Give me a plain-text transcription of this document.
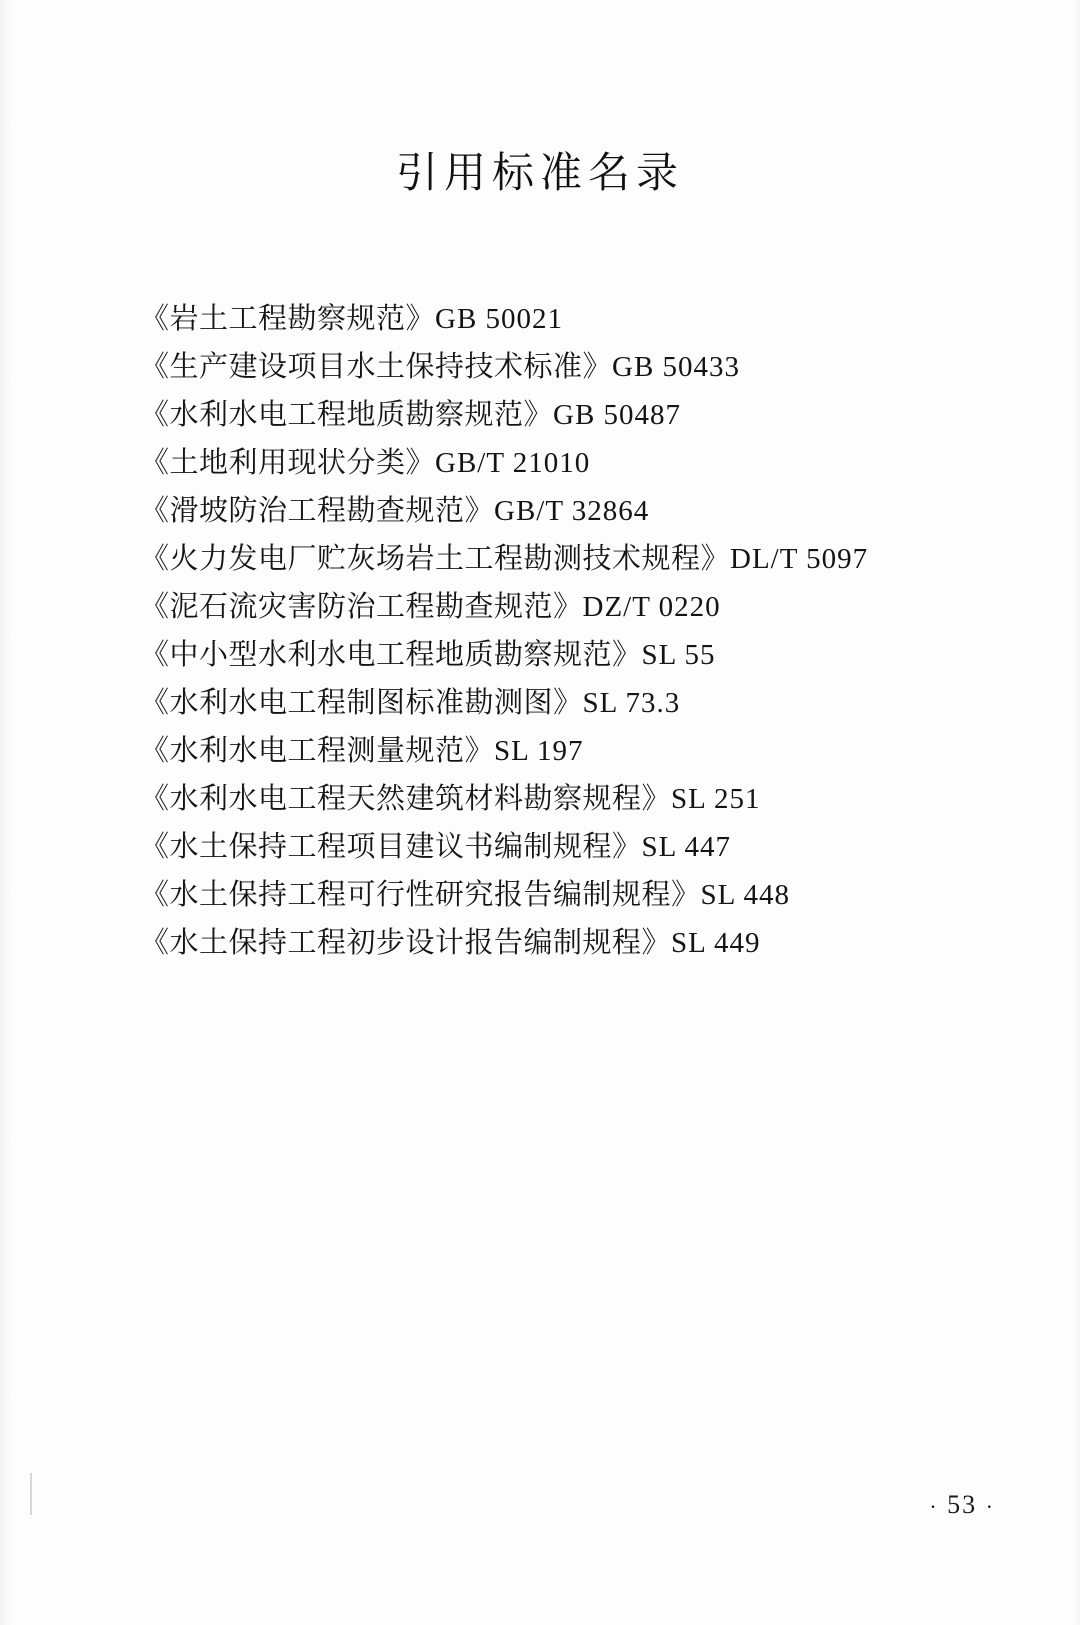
引用标准名录
《岩土工程勘察规范》GB 50021
《生产建设项目水土保持技术标准》GB 50433
《水利水电工程地质勘察规范》GB 50487
《土地利用现状分类》GB/T 21010
《滑坡防治工程勘查规范》GB/T 32864
《火力发电厂贮灰场岩土工程勘测技术规程》DL/T 5097
《泥石流灾害防治工程勘查规范》DZ/T 0220
《中小型水利水电工程地质勘察规范》SL 55
《水利水电工程制图标准勘测图》SL 73.3
《水利水电工程测量规范》SL 197
《水利水电工程天然建筑材料勘察规程》SL 251
《水土保持工程项目建议书编制规程》SL 447
《水土保持工程可行性研究报告编制规程》SL 448
《水土保持工程初步设计报告编制规程》SL 449
· 53 ·
